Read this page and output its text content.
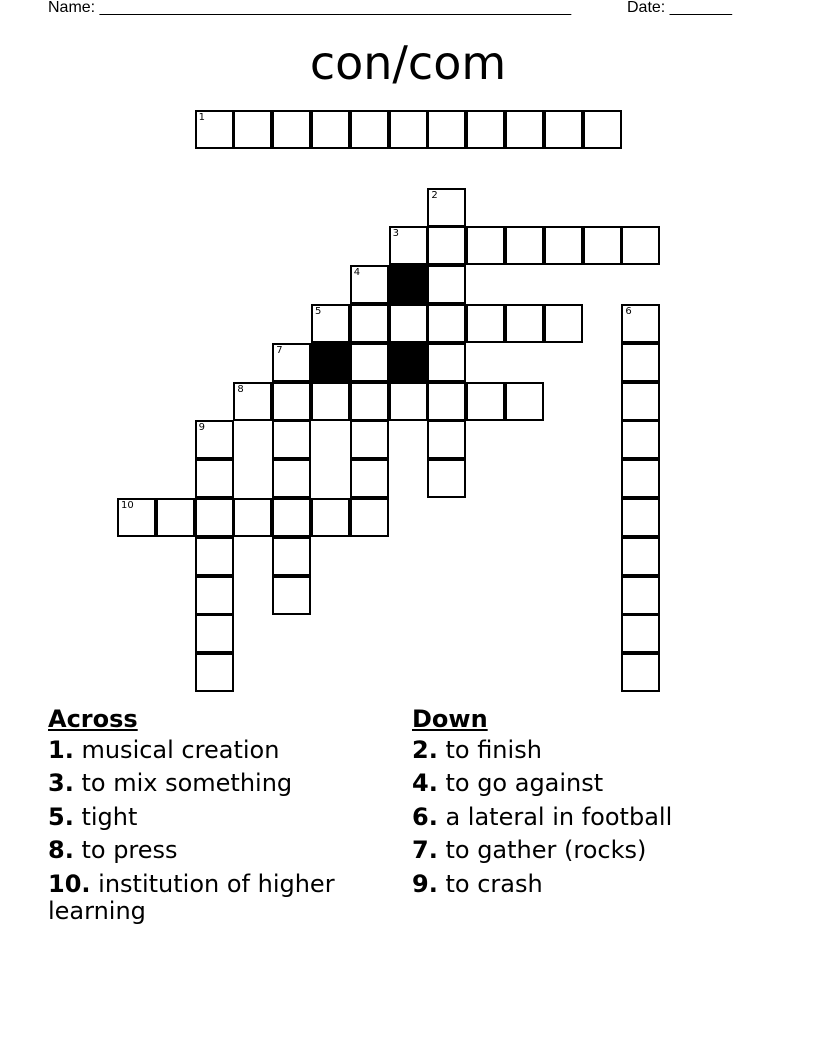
Name: _____________________________________________________	Date: _______
con/com
1
2
3
4
5	6
7
8
9
10
Across
1. musical creation
3. to mix something
5. tight
8. to press
10. institution of higher learning
Down
2. to finish
4. to go against
6. a lateral in football
7. to gather (rocks)
9. to crash
